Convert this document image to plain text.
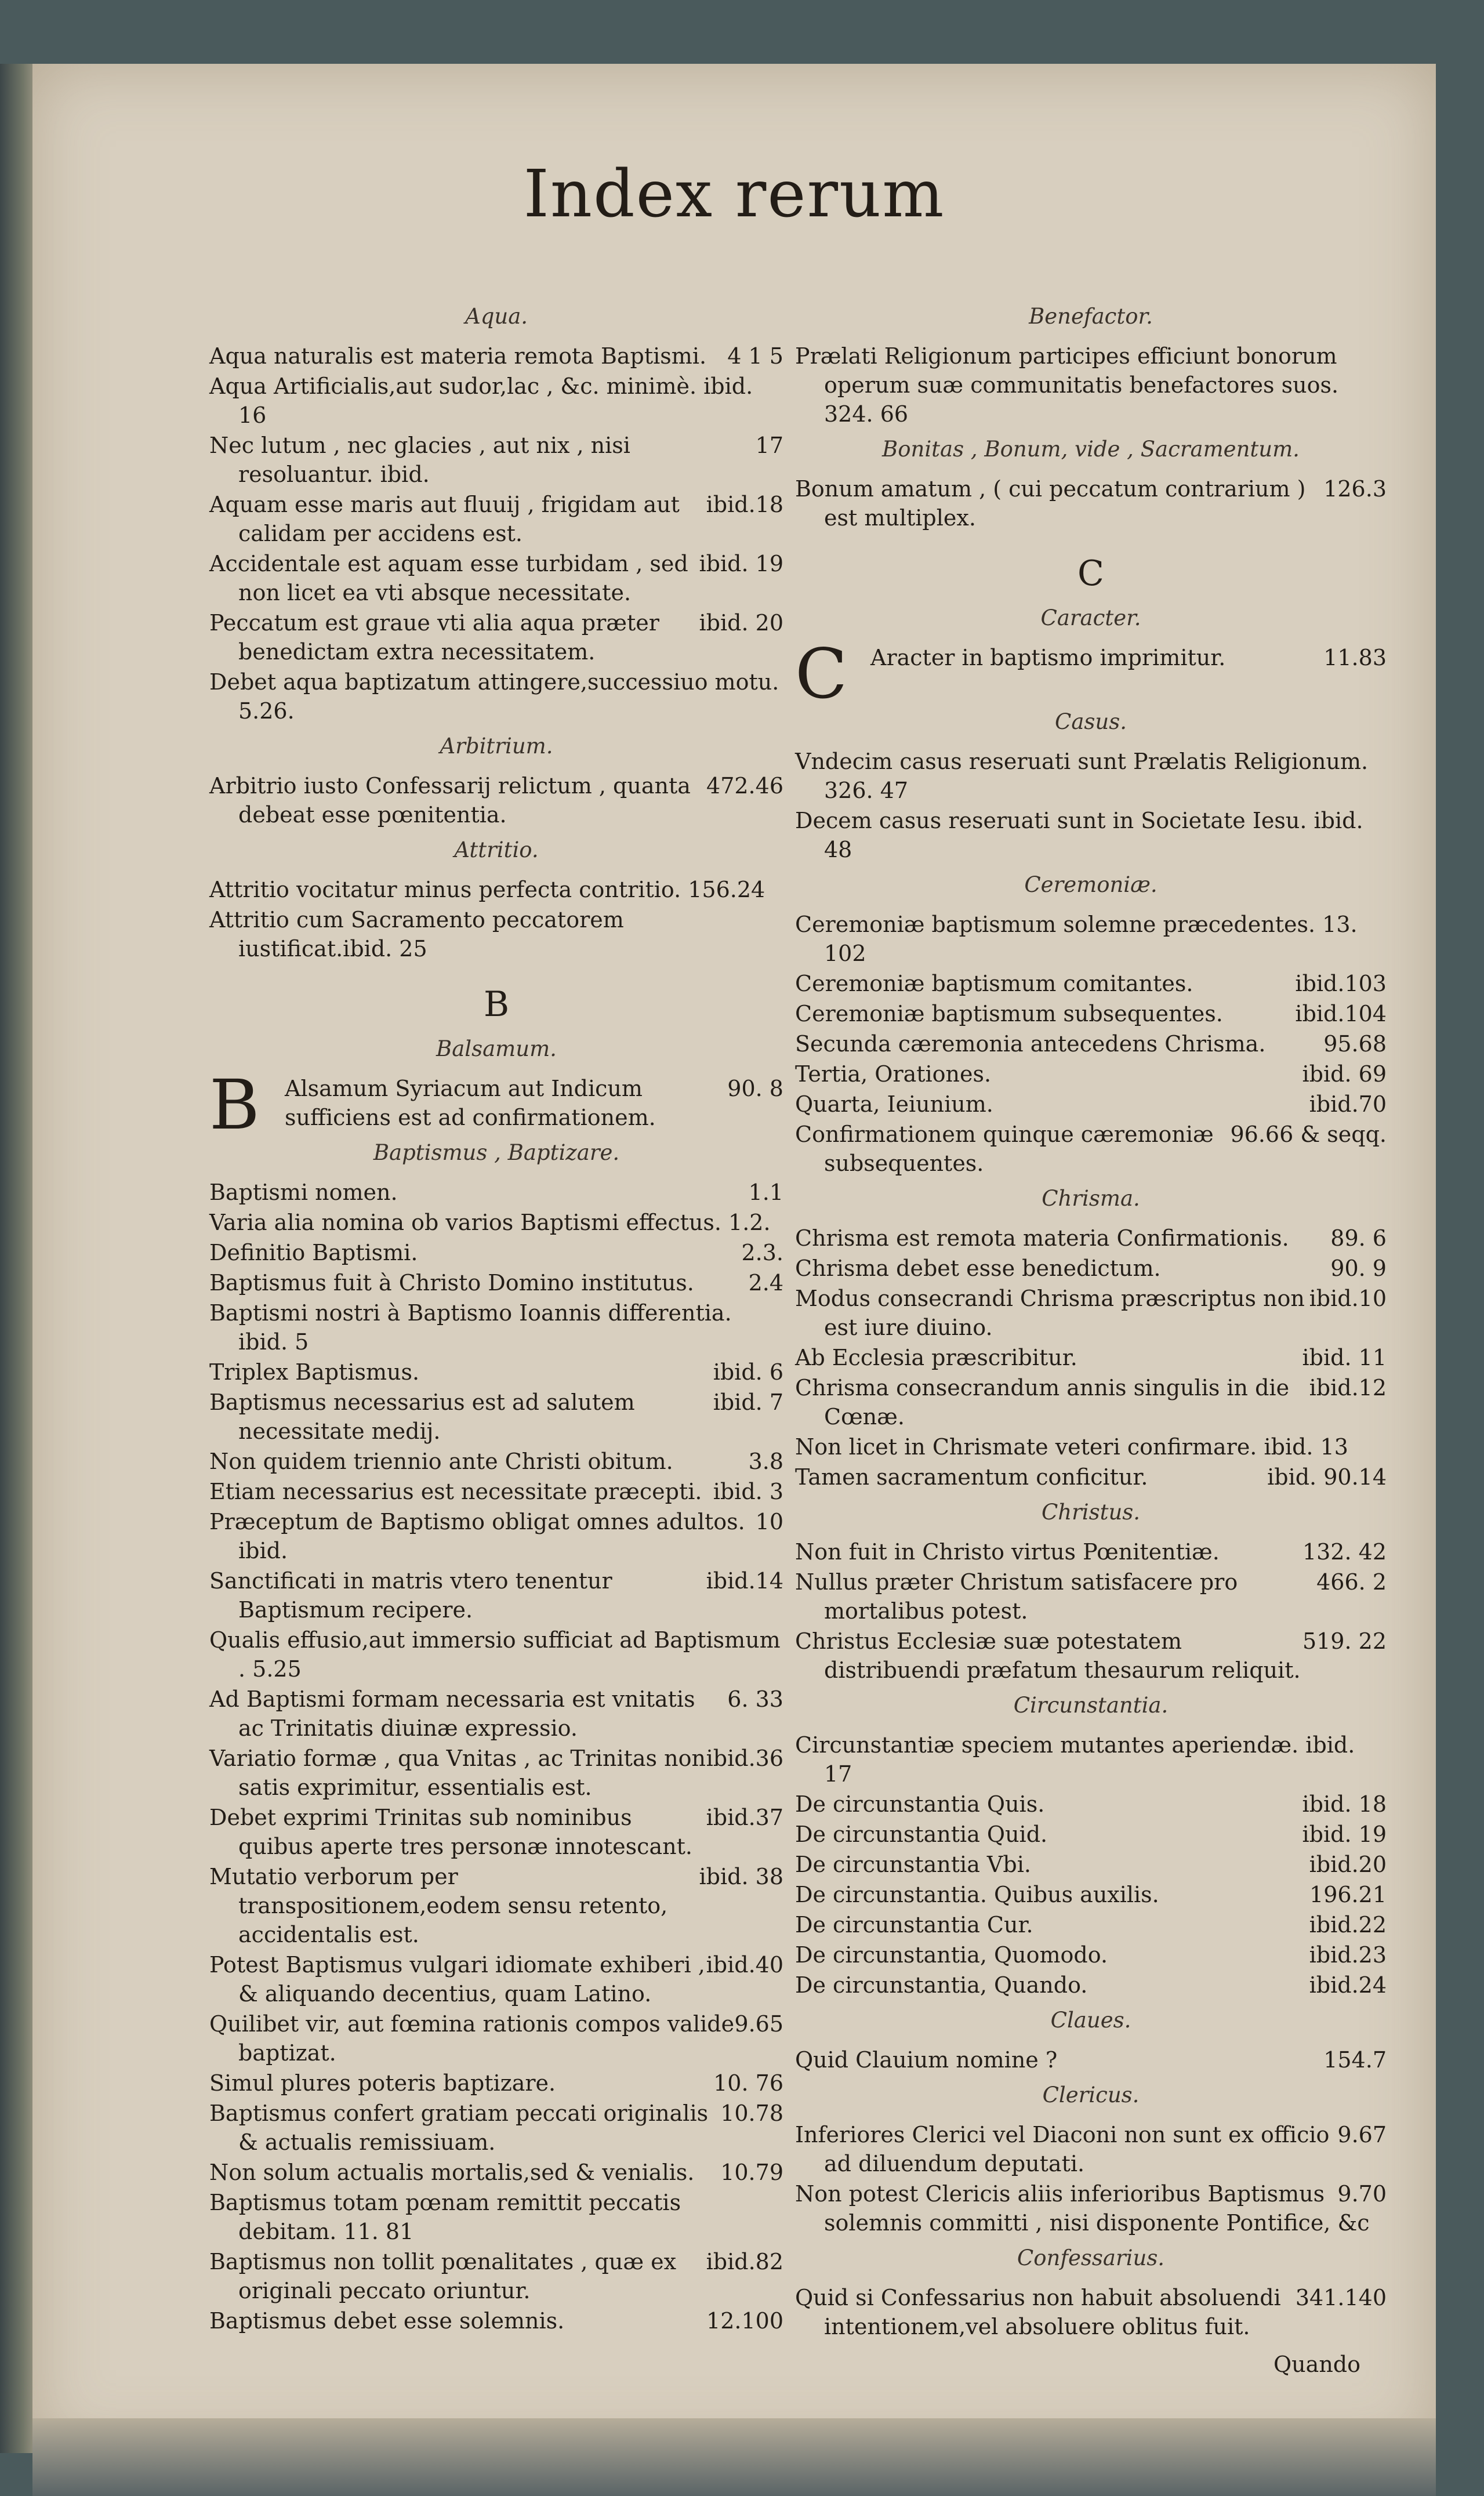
Index rerum
Aqua.
4 1 5
Aqua naturalis est materia remota Baptismi.
Aqua Artificialis,aut sudor,lac , &c. minimè. ibid. 16
17
Nec lutum , nec glacies , aut nix , nisi resoluantur. ibid.
ibid.18
Aquam esse maris aut fluuij , frigidam aut calidam per accidens est.
ibid. 19
Accidentale est aquam esse turbidam , sed non licet ea vti absque necessitate.
ibid. 20
Peccatum est graue vti alia aqua præter benedictam extra necessitatem.
Debet aqua baptizatum attingere,successiuo motu. 5.26.
Arbitrium.
472.46
Arbitrio iusto Confessarij relictum , quanta debeat esse pœnitentia.
Attritio.
Attritio vocitatur minus perfecta contritio. 156.24
Attritio cum Sacramento peccatorem iustificat.ibid. 25
B
Balsamum.
B	90. 8
Alsamum Syriacum aut Indicum sufficiens est ad confirmationem.
Baptismus , Baptizare.
1.1
Baptismi nomen.
Varia alia nomina ob varios Baptismi effectus. 1.2.
2.3.
Definitio Baptismi.
2.4
Baptismus fuit à Christo Domino institutus.
Baptismi nostri à Baptismo Ioannis differentia. ibid. 5
ibid. 6
Triplex Baptismus.
ibid. 7
Baptismus necessarius est ad salutem necessitate medij.
3.8
Non quidem triennio ante Christi obitum.
ibid. 3
Etiam necessarius est necessitate præcepti.
10
Præceptum de Baptismo obligat omnes adultos. ibid.
ibid.14
Sanctificati in matris vtero tenentur Baptismum recipere.
Qualis effusio,aut immersio sufficiat ad Baptismum . 5.25
6. 33
Ad Baptismi formam necessaria est vnitatis ac Trinitatis diuinæ expressio.
ibid.36
Variatio formæ , qua Vnitas , ac Trinitas non satis exprimitur, essentialis est.
ibid.37
Debet exprimi Trinitas sub nominibus quibus aperte tres personæ innotescant.
ibid. 38
Mutatio verborum per transpositionem,eodem sensu retento, accidentalis est.
ibid.40
Potest Baptismus vulgari idiomate exhiberi , & aliquando decentius, quam Latino.
9.65
Quilibet vir, aut fœmina rationis compos valide baptizat.
10. 76
Simul plures poteris baptizare.
10.78
Baptismus confert gratiam peccati originalis & actualis remissiuam.
10.79
Non solum actualis mortalis,sed & venialis.
Baptismus totam pœnam remittit peccatis debitam. 11. 81
ibid.82
Baptismus non tollit pœnalitates , quæ ex originali peccato oriuntur.
12.100
Baptismus debet esse solemnis.
Benefactor.
Prælati Religionum participes efficiunt bonorum operum suæ communitatis benefactores suos. 324. 66
Bonitas , Bonum, vide , Sacramentum.
126.3
Bonum amatum , ( cui peccatum contrarium ) est multiplex.
C
Caracter.
C	11.83
Aracter in baptismo imprimitur.
Casus.
Vndecim casus reseruati sunt Prælatis Religionum. 326. 47
Decem casus reseruati sunt in Societate Iesu. ibid. 48
Ceremoniæ.
Ceremoniæ baptismum solemne præcedentes. 13. 102
ibid.103
Ceremoniæ baptismum comitantes.
ibid.104
Ceremoniæ baptismum subsequentes.
95.68
Secunda cæremonia antecedens Chrisma.
ibid. 69
Tertia, Orationes.
ibid.70
Quarta, Ieiunium.
96.66 & seqq.
Confirmationem quinque cæremoniæ subsequentes.
Chrisma.
89. 6
Chrisma est remota materia Confirmationis.
90. 9
Chrisma debet esse benedictum.
ibid.10
Modus consecrandi Chrisma præscriptus non est iure diuino.
ibid. 11
Ab Ecclesia præscribitur.
ibid.12
Chrisma consecrandum annis singulis in die Cœnæ.
Non licet in Chrismate veteri confirmare. ibid. 13
ibid. 90.14
Tamen sacramentum conficitur.
Christus.
132. 42
Non fuit in Christo virtus Pœnitentiæ.
466. 2
Nullus præter Christum satisfacere pro mortalibus potest.
519. 22
Christus Ecclesiæ suæ potestatem distribuendi præfatum thesaurum reliquit.
Circunstantia.
Circunstantiæ speciem mutantes aperiendæ. ibid. 17
ibid. 18
De circunstantia Quis.
ibid. 19
De circunstantia Quid.
ibid.20
De circunstantia Vbi.
196.21
De circunstantia. Quibus auxilis.
ibid.22
De circunstantia Cur.
ibid.23
De circunstantia, Quomodo.
ibid.24
De circunstantia, Quando.
Claues.
154.7
Quid Clauium nomine ?
Clericus.
9.67
Inferiores Clerici vel Diaconi non sunt ex officio ad diluendum deputati.
9.70
Non potest Clericis aliis inferioribus Baptismus solemnis committi , nisi disponente Pontifice, &c
Confessarius.
341.140
Quid si Confessarius non habuit absoluendi intentionem,vel absoluere oblitus fuit.
Quando
